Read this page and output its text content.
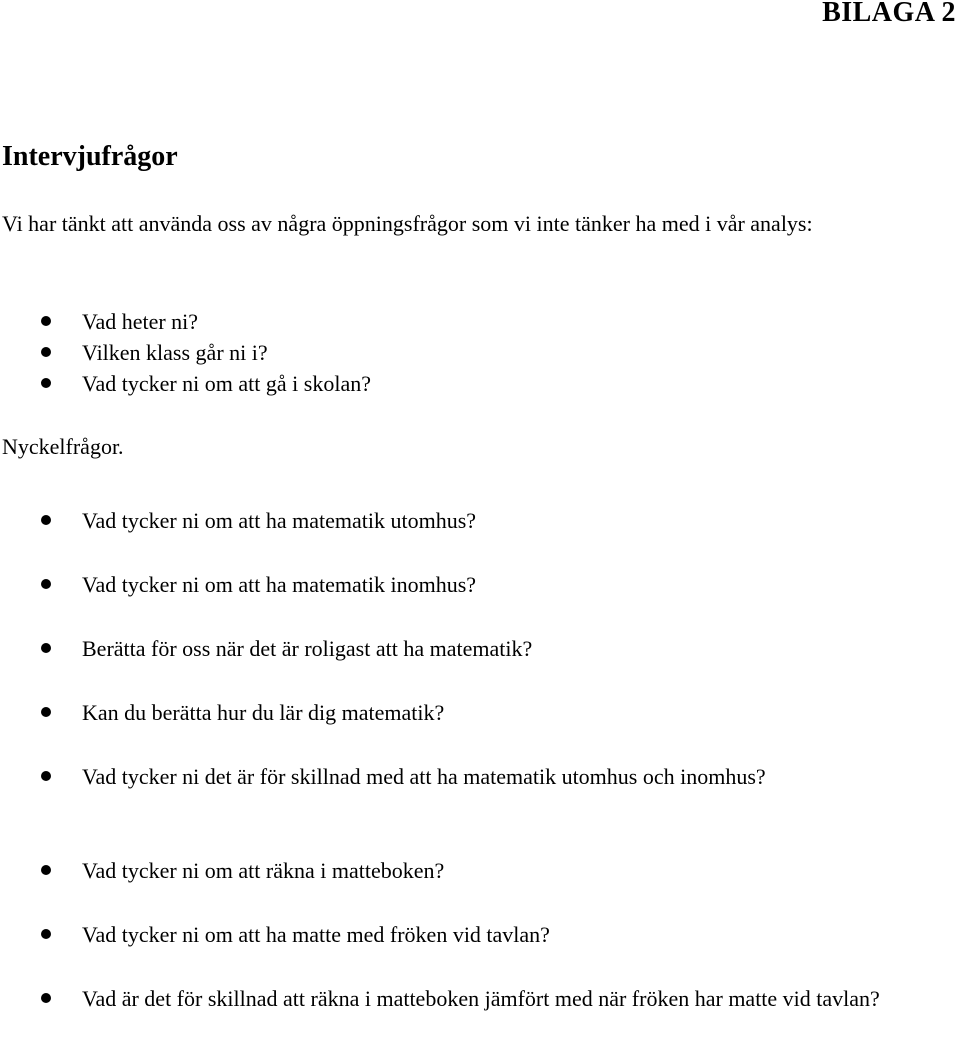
BILAGA 2
Intervjufrågor

Vi har tänkt att använda oss av några öppningsfrågor som vi inte tänker ha med i vår analys:

Vad heter ni?
Vilken klass går ni i?
Vad tycker ni om att gå i skolan?

Nyckelfrågor.

Vad tycker ni om att ha matematik utomhus?
Vad tycker ni om att ha matematik inomhus?
Berätta för oss när det är roligast att ha matematik?
Kan du berätta hur du lär dig matematik?
Vad tycker ni det är för skillnad med att ha matematik utomhus och inomhus?
Vad tycker ni om att räkna i matteboken?
Vad tycker ni om att ha matte med fröken vid tavlan?
Vad är det för skillnad att räkna i matteboken jämfört med när fröken har matte vid tavlan?
